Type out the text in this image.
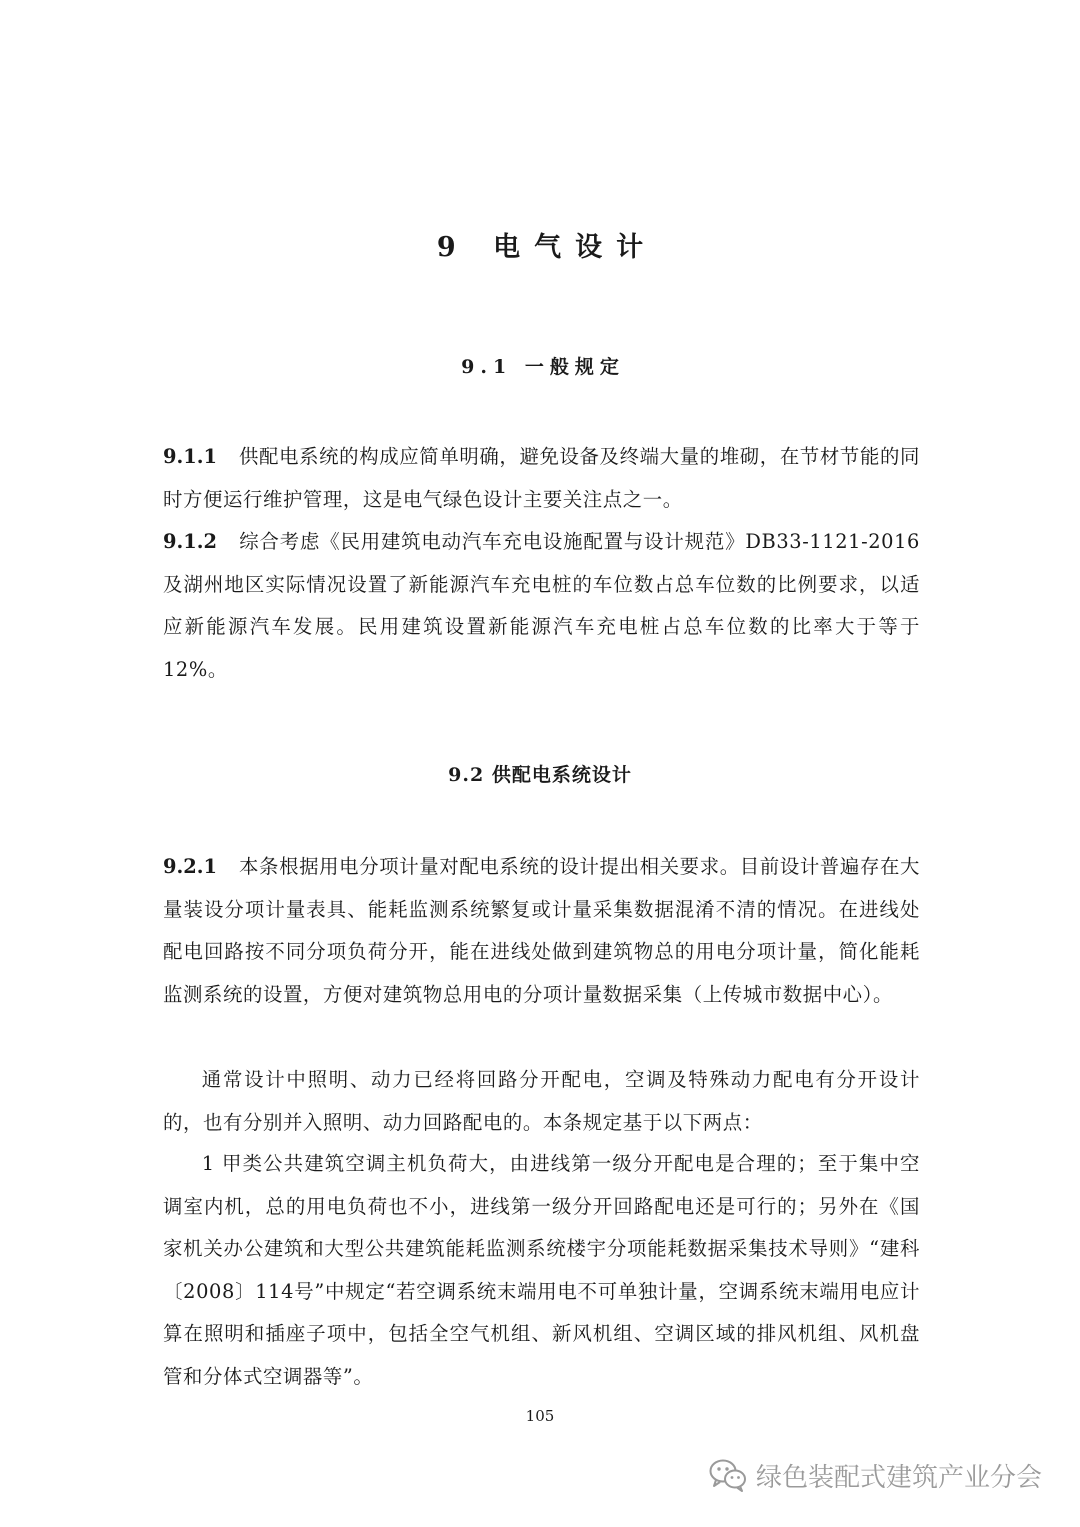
9 电气设计
9.1 一般规定

9.1.1 供配电系统的构成应简单明确，避免设备及终端大量的堆砌，在节材节能的同时方便运行维护管理，这是电气绿色设计主要关注点之一。

9.1.2 综合考虑《民用建筑电动汽车充电设施配置与设计规范》DB33-1121-2016及湖州地区实际情况设置了新能源汽车充电桩的车位数占总车位数的比例要求，以适应新能源汽车发展。民用建筑设置新能源汽车充电桩占总车位数的比率大于等于12%。

9.2 供配电系统设计

9.2.1 本条根据用电分项计量对配电系统的设计提出相关要求。目前设计普遍存在大量装设分项计量表具、能耗监测系统繁复或计量采集数据混淆不清的情况。在进线处配电回路按不同分项负荷分开，能在进线处做到建筑物总的用电分项计量，简化能耗监测系统的设置，方便对建筑物总用电的分项计量数据采集（上传城市数据中心）。

通常设计中照明、动力已经将回路分开配电，空调及特殊动力配电有分开设计的，也有分别并入照明、动力回路配电的。本条规定基于以下两点：

1 甲类公共建筑空调主机负荷大，由进线第一级分开配电是合理的；至于集中空调室内机，总的用电负荷也不小，进线第一级分开回路配电还是可行的；另外在《国家机关办公建筑和大型公共建筑能耗监测系统楼宇分项能耗数据采集技术导则》“建科〔2008〕114号”中规定“若空调系统末端用电不可单独计量，空调系统末端用电应计算在照明和插座子项中，包括全空气机组、新风机组、空调区域的排风机组、风机盘管和分体式空调器等”。

105
绿色装配式建筑产业分会
